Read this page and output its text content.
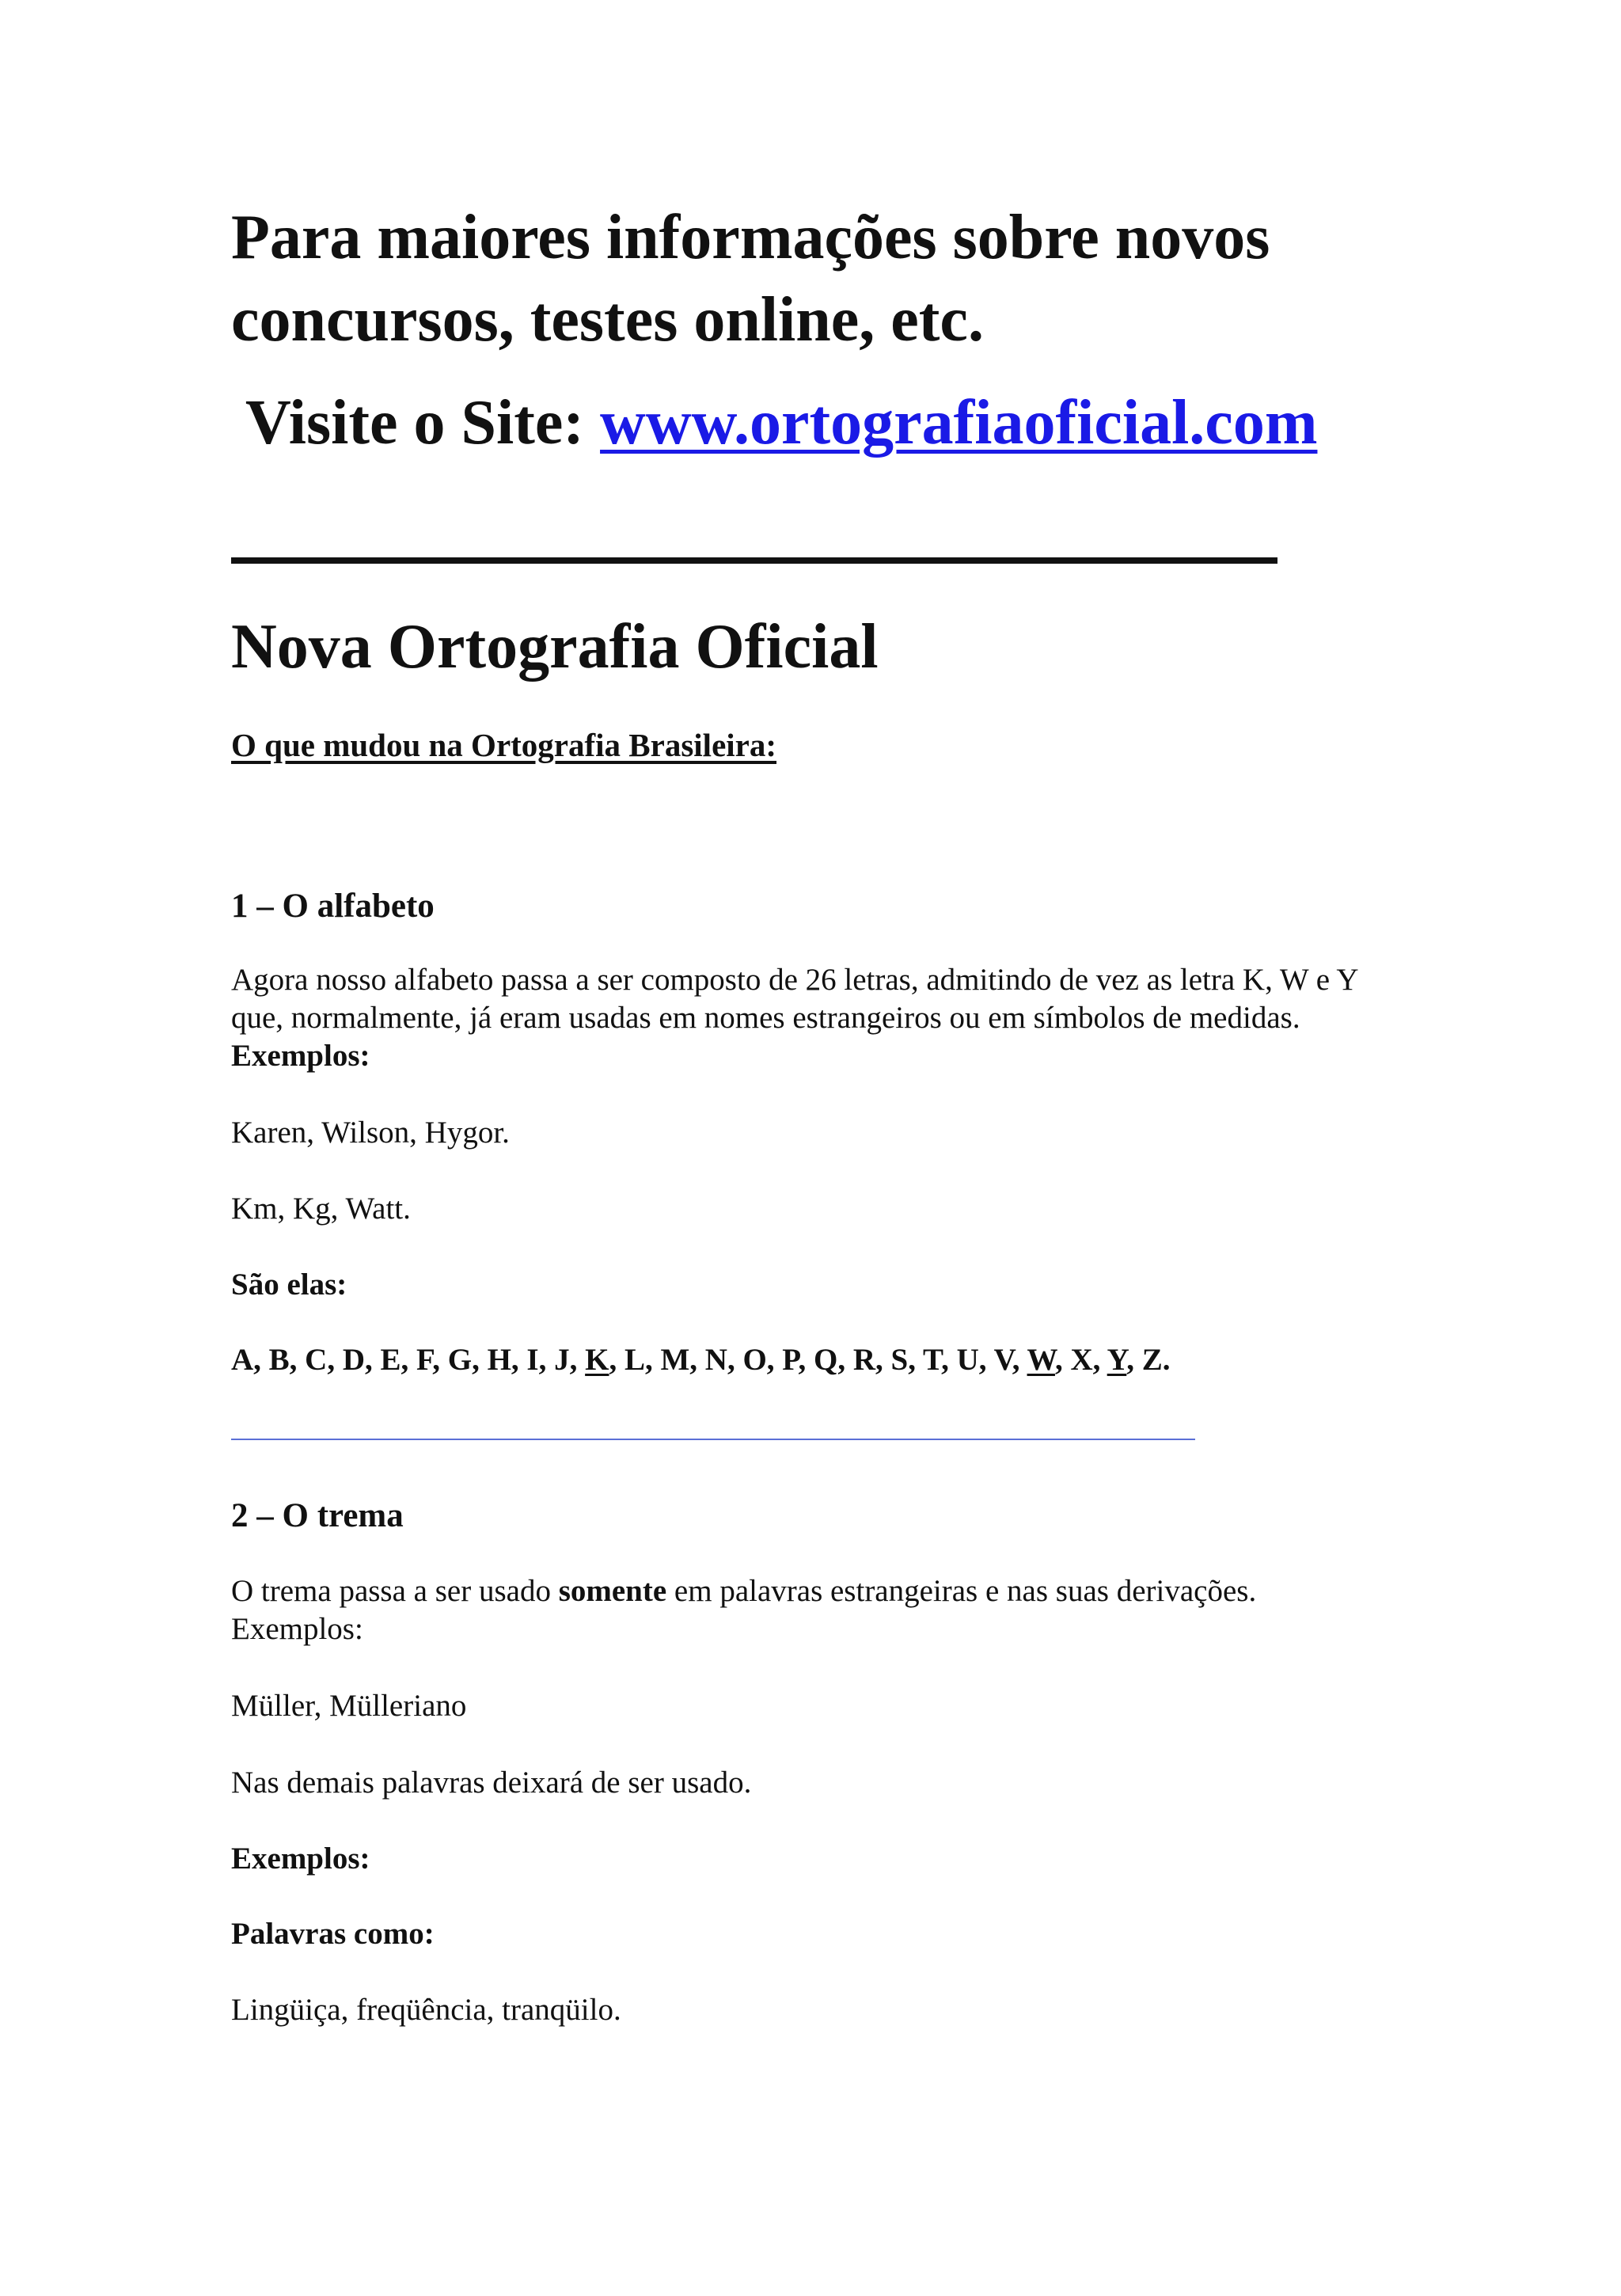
Para maiores informações sobre novos concursos, testes online, etc.
Visite o Site: www.ortografiaoficial.com
Nova Ortografia Oficial
O que mudou na Ortografia Brasileira:
1 – O alfabeto

Agora nosso alfabeto passa a ser composto de 26 letras, admitindo de vez as letra K, W e Y que, normalmente, já eram usadas em nomes estrangeiros ou em símbolos de medidas. Exemplos:

Karen, Wilson, Hygor.

Km, Kg, Watt.

São elas:

A, B, C, D, E, F, G, H, I, J, K, L, M, N, O, P, Q, R, S, T, U, V, W, X, Y, Z.

2 – O trema

O trema passa a ser usado somente em palavras estrangeiras e nas suas derivações.
Exemplos:

Müller, Mülleriano

Nas demais palavras deixará de ser usado.

Exemplos:

Palavras como:

Lingüiça, freqüência, tranqüilo.
